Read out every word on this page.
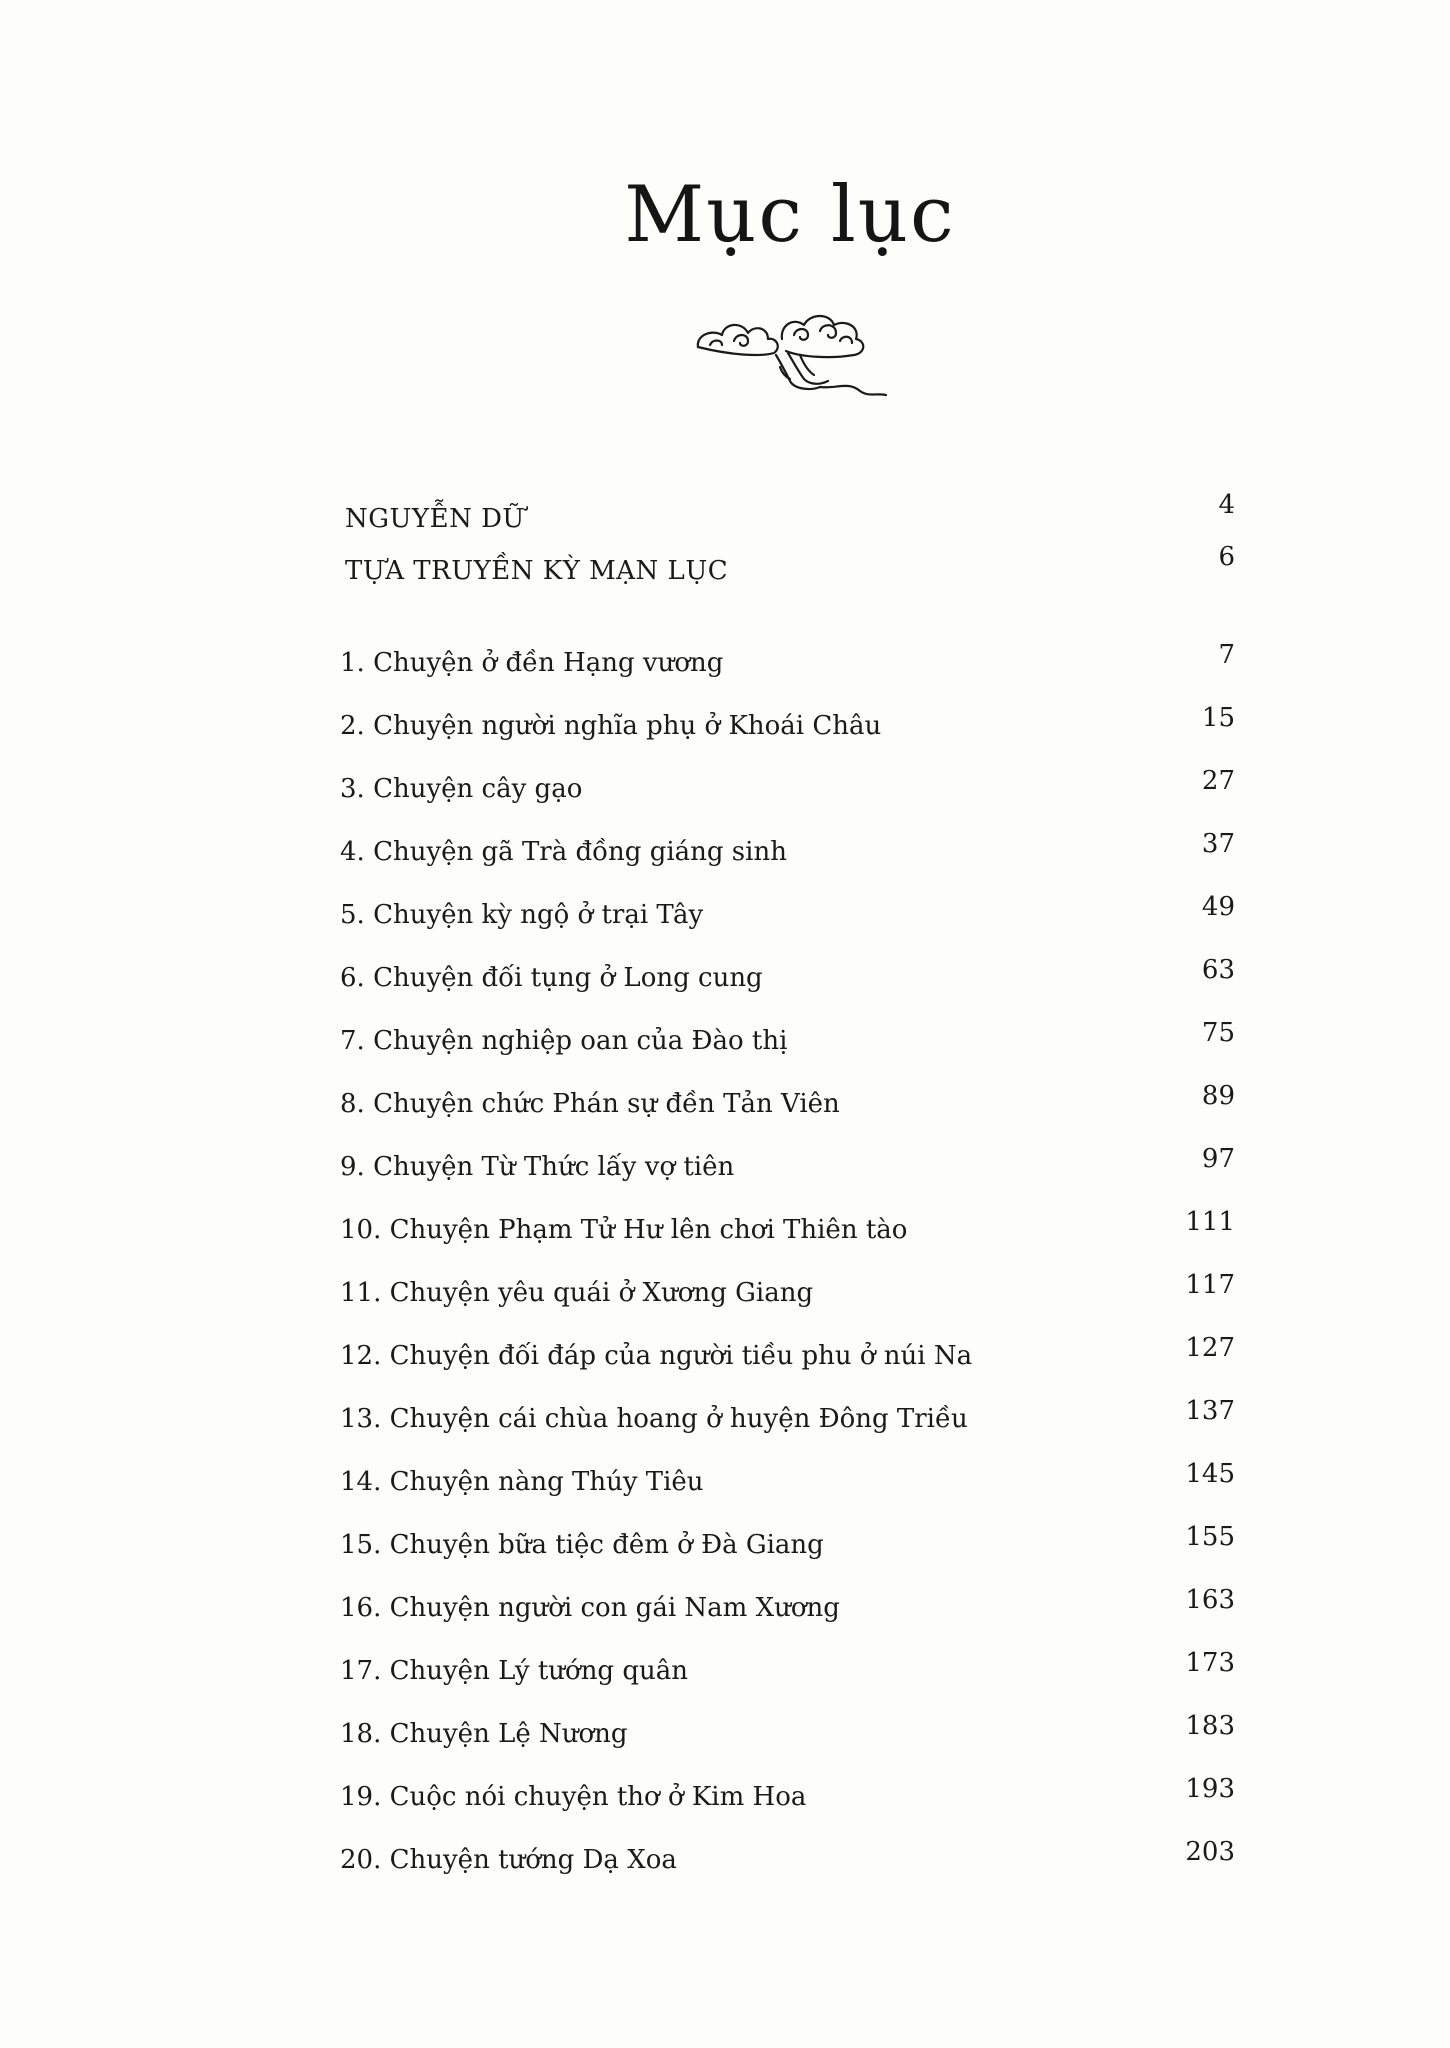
Mục lục
NGUYỄN DỮ	4
TỰA TRUYỀN KỲ MẠN LỤC	6
1. Chuyện ở đền Hạng vương	7
2. Chuyện người nghĩa phụ ở Khoái Châu	15
3. Chuyện cây gạo	27
4. Chuyện gã Trà đồng giáng sinh	37
5. Chuyện kỳ ngộ ở trại Tây	49
6. Chuyện đối tụng ở Long cung	63
7. Chuyện nghiệp oan của Đào thị	75
8. Chuyện chức Phán sự đền Tản Viên	89
9. Chuyện Từ Thức lấy vợ tiên	97
10. Chuyện Phạm Tử Hư lên chơi Thiên tào	111
11. Chuyện yêu quái ở Xương Giang	117
12. Chuyện đối đáp của người tiều phu ở núi Na	127
13. Chuyện cái chùa hoang ở huyện Đông Triều	137
14. Chuyện nàng Thúy Tiêu	145
15. Chuyện bữa tiệc đêm ở Đà Giang	155
16. Chuyện người con gái Nam Xương	163
17. Chuyện Lý tướng quân	173
18. Chuyện Lệ Nương	183
19. Cuộc nói chuyện thơ ở Kim Hoa	193
20. Chuyện tướng Dạ Xoa	203
